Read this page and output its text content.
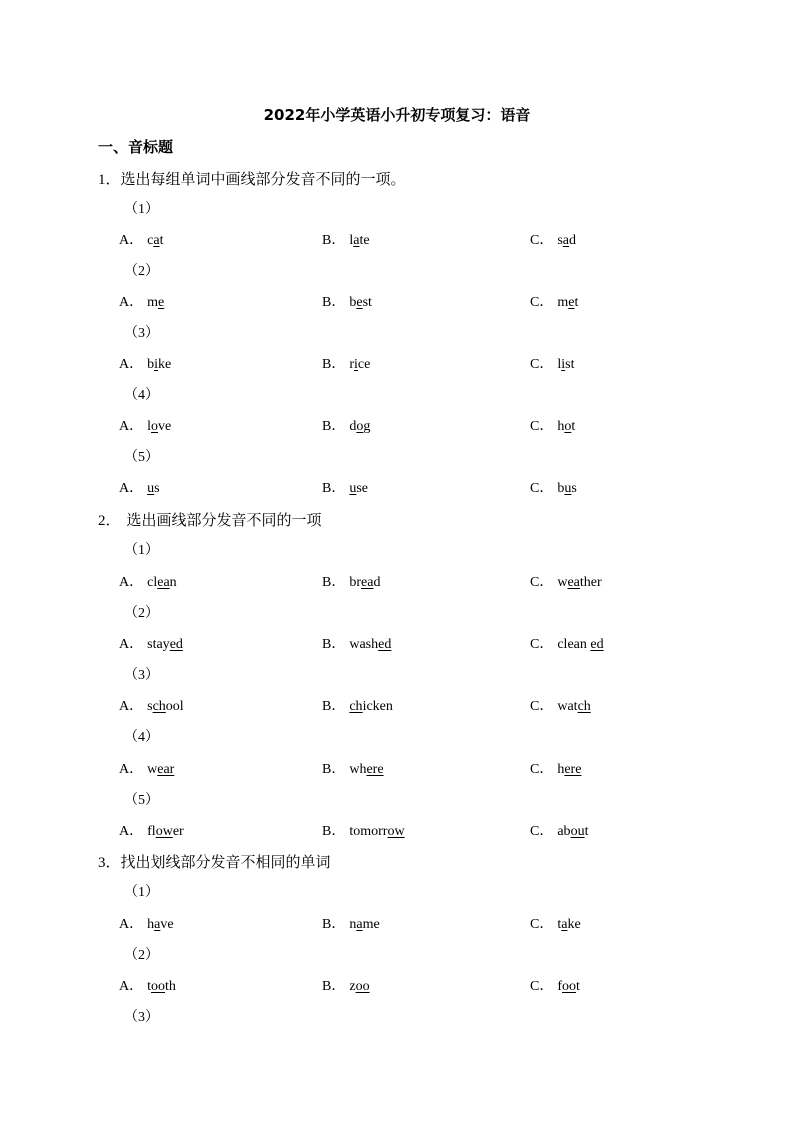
2022年小学英语小升初专项复习：语音
一、音标题
1．选出每组单词中画线部分发音不同的一项。
（1）
A． cat	B． late	C． sad
（2）
A． me	B． best	C． met
（3）
A． bike	B． rice	C． list
（4）
A． love	B． dog	C． hot
（5）
A． us	B． use	C． bus
2． 选出画线部分发音不同的一项
（1）
A． clean	B． bread	C． weather
（2）
A． stayed	B． washed	C． clean ed
（3）
A． school	B． chicken	C． watch
（4）
A． wear	B． where	C． here
（5）
A． flower	B． tomorrow	C． about
3．找出划线部分发音不相同的单词
（1）
A． have	B． name	C． take
（2）
A． tooth	B． zoo	C． foot
（3）
